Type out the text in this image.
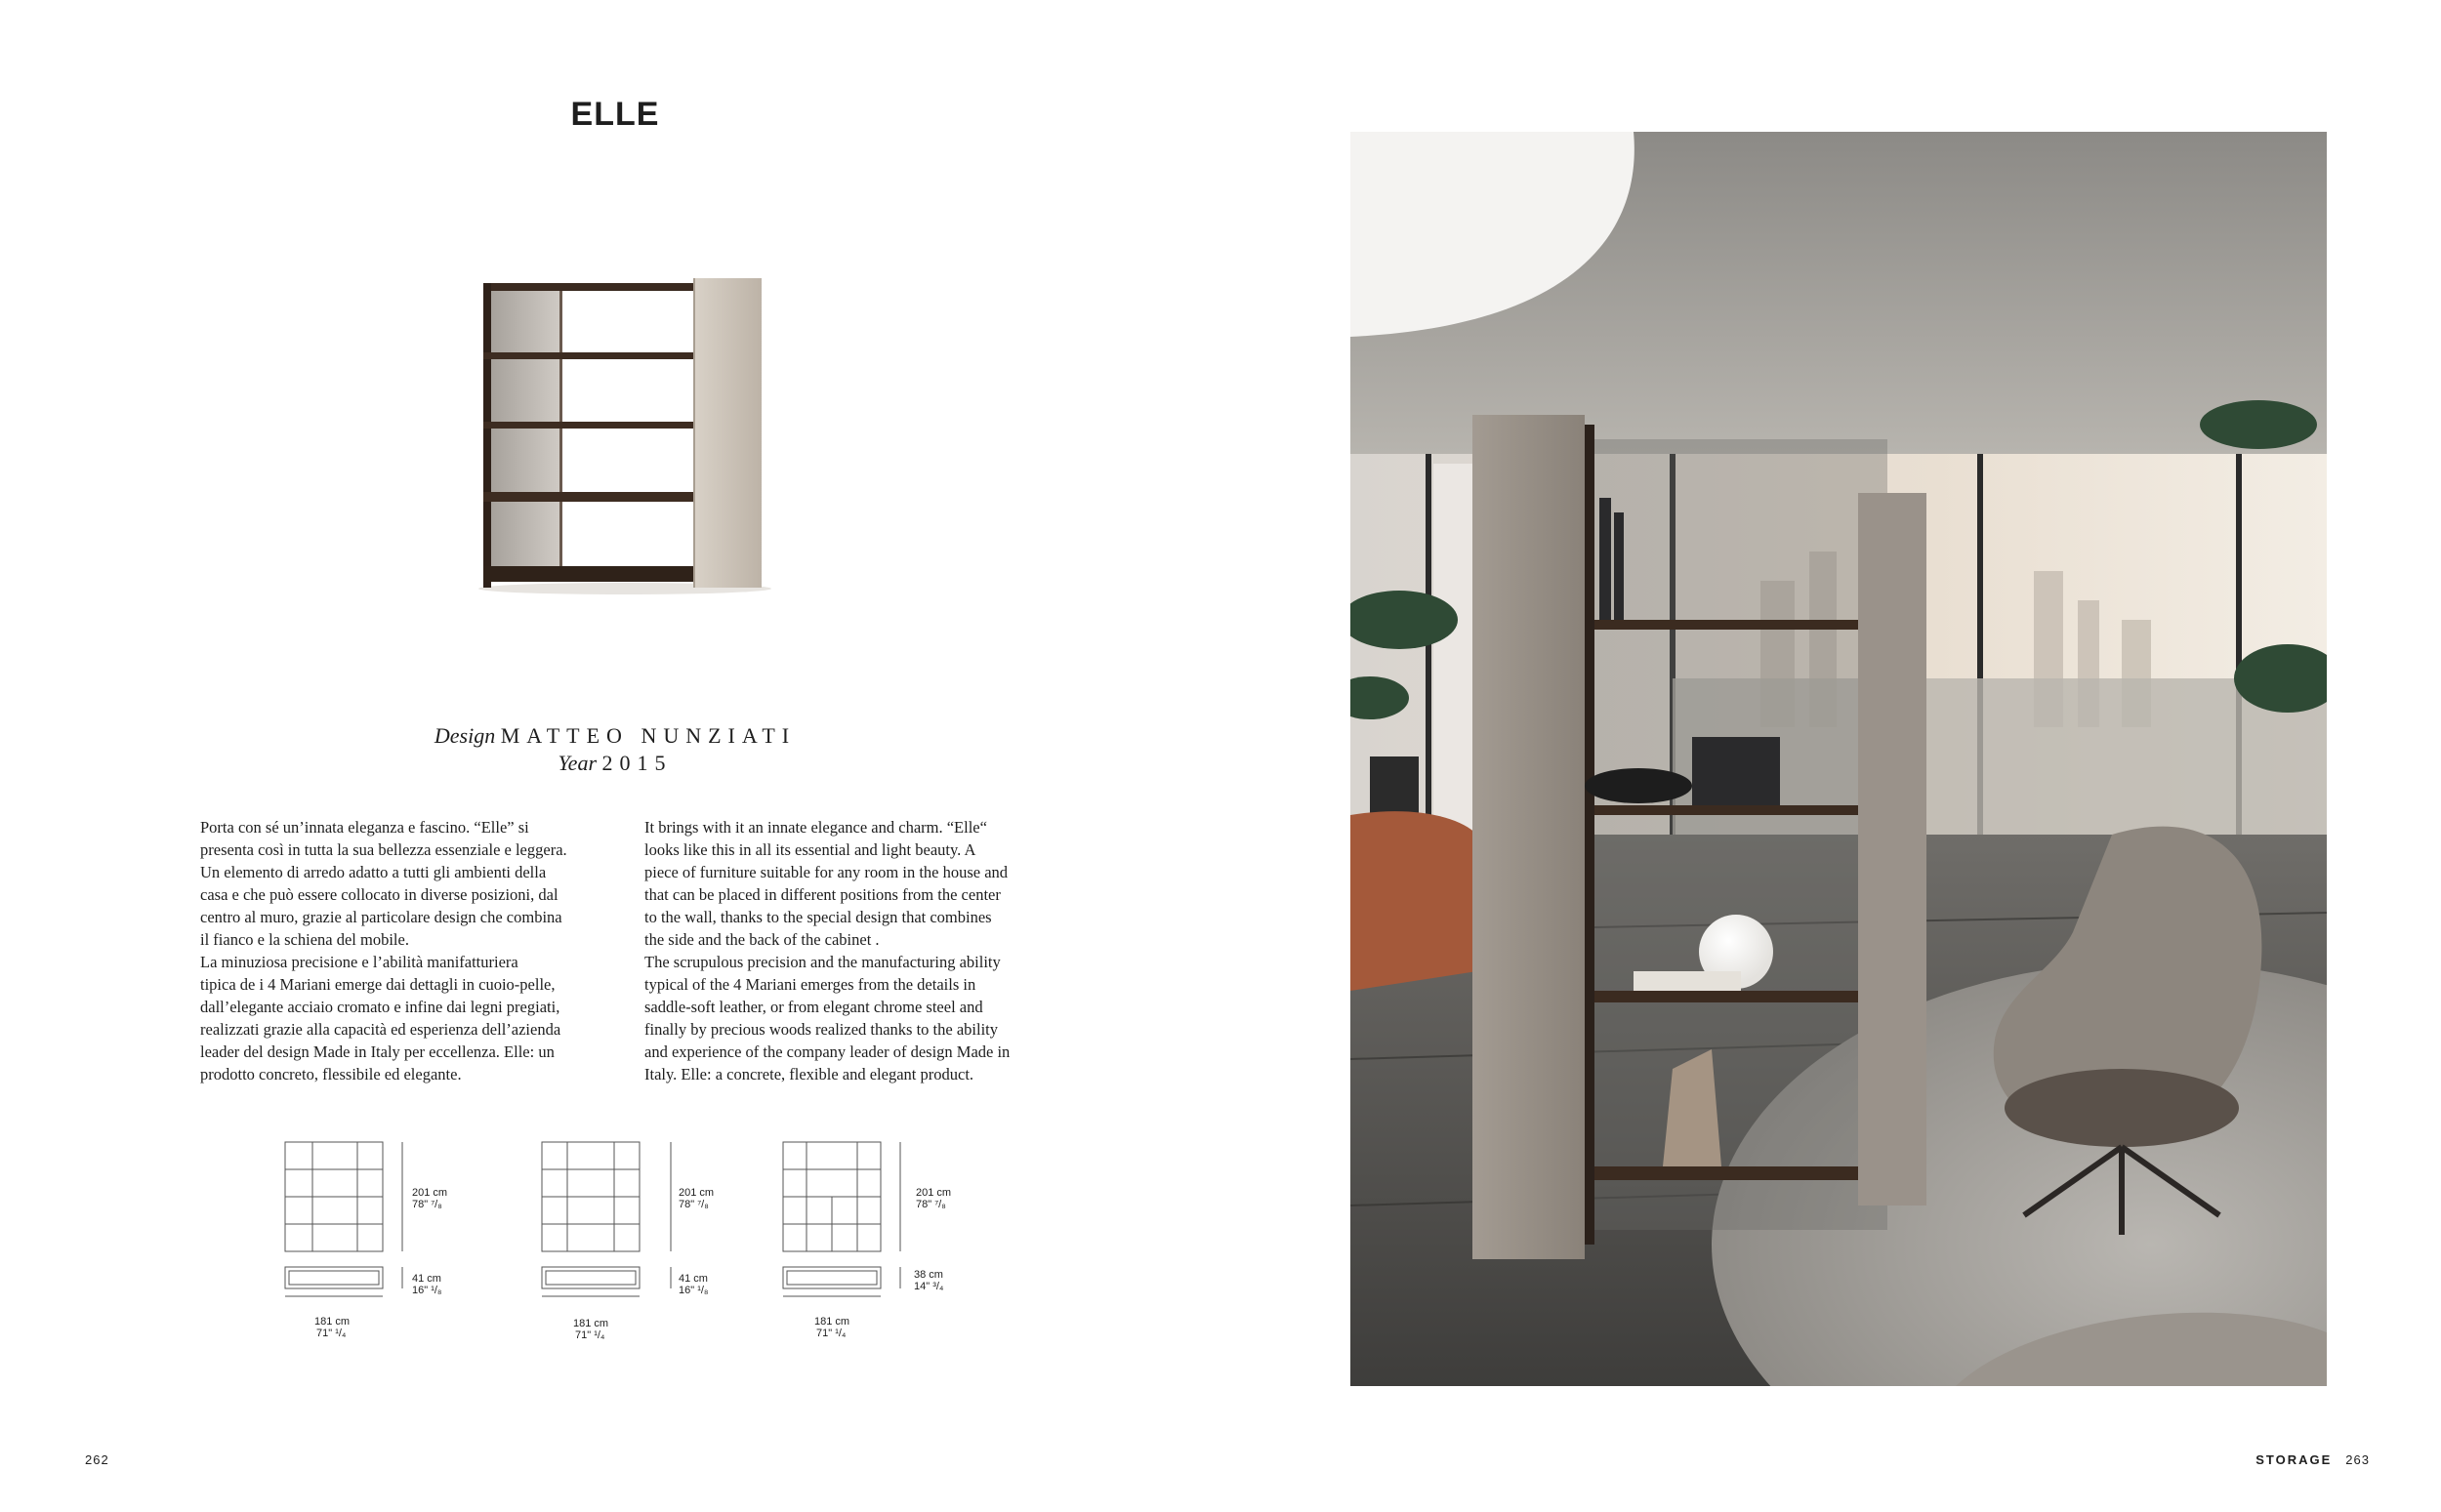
ELLE
Design MATTEO NUNZIATI
Year 2015

Porta con sé un’innata eleganza e fascino. “Elle” si
presenta così in tutta la sua bellezza essenziale e leggera.
Un elemento di arredo adatto a tutti gli ambienti della
casa e che può essere collocato in diverse posizioni, dal
centro al muro, grazie al particolare design che combina
il fianco e la schiena del mobile.
La minuziosa precisione e l’abilità manifatturiera
tipica de i 4 Mariani emerge dai dettagli in cuoio-pelle,
dall’elegante acciaio cromato e infine dai legni pregiati,
realizzati grazie alla capacità ed esperienza dell’azienda
leader del design Made in Italy per eccellenza. Elle: un
prodotto concreto, flessibile ed elegante.

It brings with it an innate elegance and charm. “Elle“
looks like this in all its essential and light beauty. A
piece of furniture suitable for any room in the house and
that can be placed in different positions from the center
to the wall, thanks to the special design that combines
the side and the back of the cabinet .
The scrupulous precision and the manufacturing ability
typical of the 4 Mariani emerges from the details in
saddle-soft leather, or from elegant chrome steel and
finally by precious woods realized thanks to the ability
and experience of the company leader of design Made in
Italy. Elle: a concrete, flexible and elegant product.

201 cm
78" ⁷/₈
41 cm
16" ¹/₈
181 cm
71" ¹/₄
201 cm
78" ⁷/₈
41 cm
16" ¹/₈
181 cm
71" ¹/₄
201 cm
78" ⁷/₈
38 cm
14" ³/₄
181 cm
71" ¹/₄
262	STORAGE 263
